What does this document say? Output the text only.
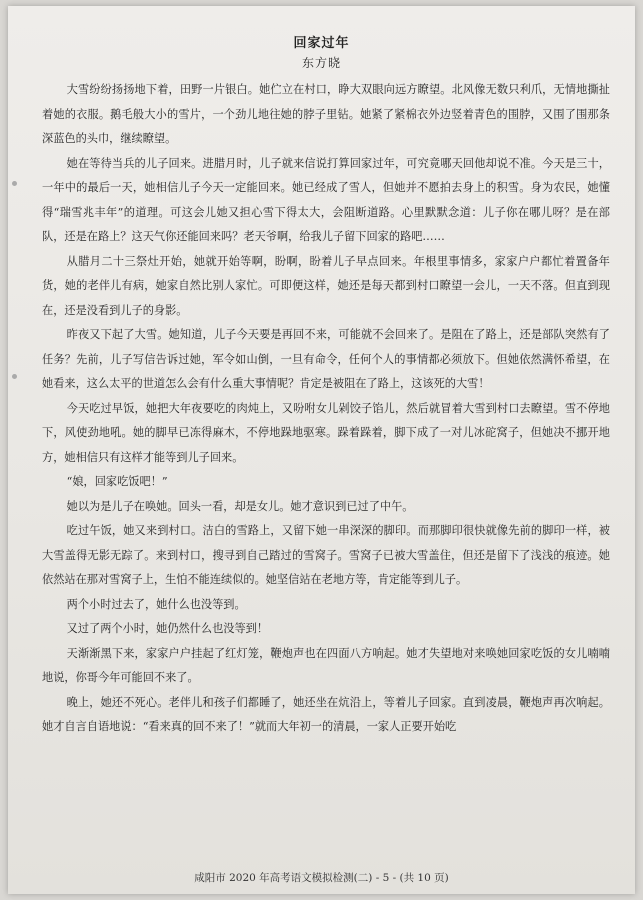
回家过年
东方晓

大雪纷纷扬扬地下着，田野一片银白。她伫立在村口，睁大双眼向远方瞭望。北风像无数只利爪，无情地撕扯着她的衣服。鹅毛般大小的雪片，一个劲儿地往她的脖子里钻。她紧了紧棉衣外边竖着青色的围脖，又围了围那条深蓝色的头巾，继续瞭望。

她在等待当兵的儿子回来。进腊月时，儿子就来信说打算回家过年，可究竟哪天回他却说不准。今天是三十，一年中的最后一天，她相信儿子今天一定能回来。她已经成了雪人，但她并不愿拍去身上的积雪。身为农民，她懂得“瑞雪兆丰年”的道理。可这会儿她又担心雪下得太大，会阻断道路。心里默默念道：儿子你在哪儿呀？是在部队，还是在路上？这天气你还能回来吗？老天爷啊，给我儿子留下回家的路吧……

从腊月二十三祭灶开始，她就开始等啊，盼啊，盼着儿子早点回来。年根里事情多，家家户户都忙着置备年货，她的老伴儿有病，她家自然比别人家忙。可即便这样，她还是每天都到村口瞭望一会儿，一天不落。但直到现在，还是没看到儿子的身影。

昨夜又下起了大雪。她知道，儿子今天要是再回不来，可能就不会回来了。是阻在了路上，还是部队突然有了任务？先前，儿子写信告诉过她，军令如山倒，一旦有命令，任何个人的事情都必须放下。但她依然满怀希望，在她看来，这么太平的世道怎么会有什么重大事情呢？肯定是被阻在了路上，这该死的大雪！

今天吃过早饭，她把大年夜要吃的肉炖上，又吩咐女儿剁饺子馅儿，然后就冒着大雪到村口去瞭望。雪不停地下，风使劲地吼。她的脚早已冻得麻木，不停地跺地驱寒。跺着跺着，脚下成了一对儿冰砣窝子，但她决不挪开地方，她相信只有这样才能等到儿子回来。

“娘，回家吃饭吧！”

她以为是儿子在唤她。回头一看，却是女儿。她才意识到已过了中午。

吃过午饭，她又来到村口。洁白的雪路上，又留下她一串深深的脚印。而那脚印很快就像先前的脚印一样，被大雪盖得无影无踪了。来到村口，搜寻到自己踏过的雪窝子。雪窝子已被大雪盖住，但还是留下了浅浅的痕迹。她依然站在那对雪窝子上，生怕不能连续似的。她坚信站在老地方等，肯定能等到儿子。

两个小时过去了，她什么也没等到。

又过了两个小时，她仍然什么也没等到！

天渐渐黑下来，家家户户挂起了红灯笼，鞭炮声也在四面八方响起。她才失望地对来唤她回家吃饭的女儿喃喃地说，你哥今年可能回不来了。

晚上，她还不死心。老伴儿和孩子们都睡了，她还坐在炕沿上，等着儿子回家。直到凌晨，鞭炮声再次响起。她才自言自语地说：“看来真的回不来了！”就而大年初一的清晨，一家人正要开始吃

咸阳市 2020 年高考语文模拟检测(二) - 5 - (共 10 页)
